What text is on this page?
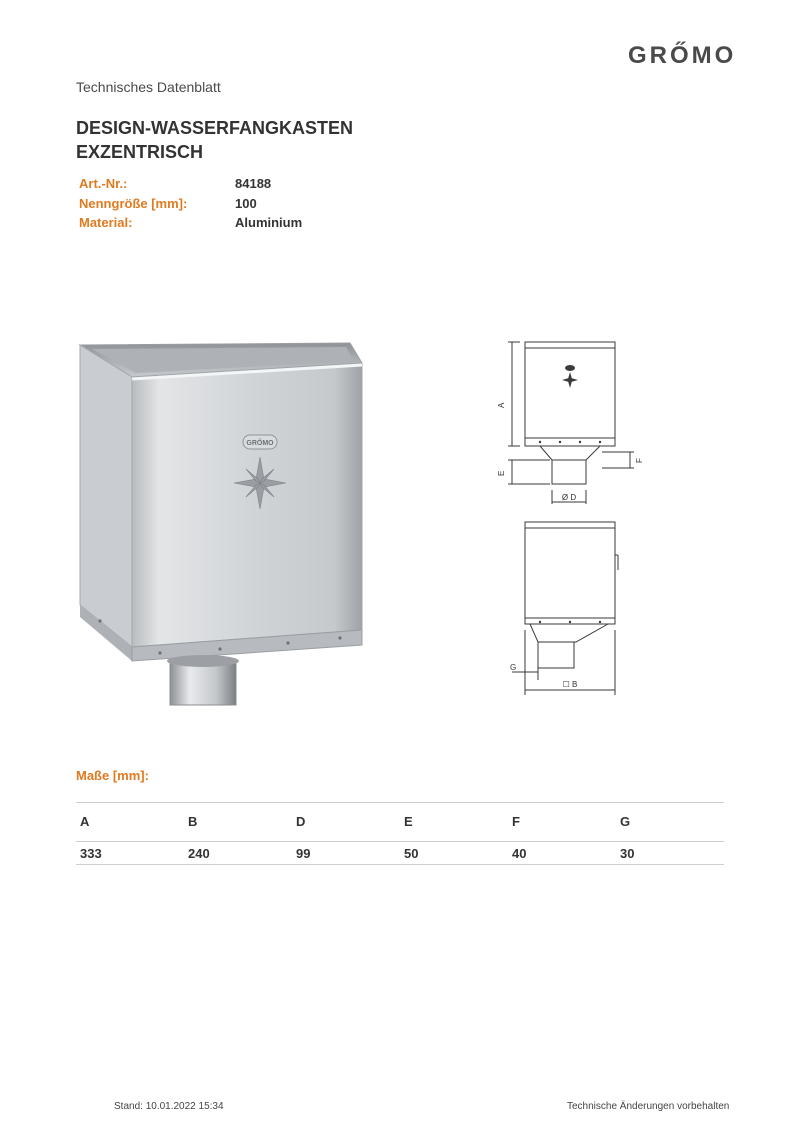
GRŐMO
Technisches Datenblatt
DESIGN-WASSERFANGKASTEN
EXZENTRISCH
Art.-Nr.:	84188
Nenngröße [mm]:	100
Material:	Aluminium
GRŐMO
A
E
F
Ø D
G
☐ B
Maße [mm]:
A	B	D	E	F	G
333	240	99	50	40	30
Stand: 10.01.2022 15:34	Technische Änderungen vorbehalten
